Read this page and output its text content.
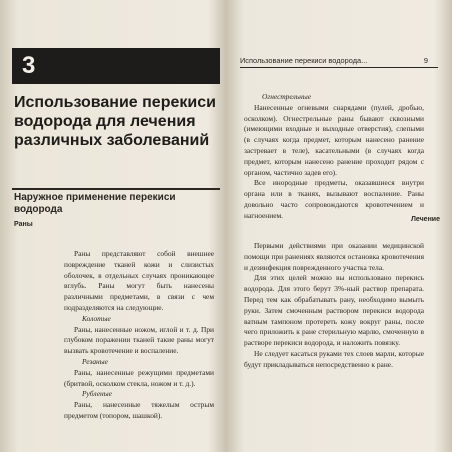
3
Использование перекиси водорода для лечения различных заболеваний
Наружное применение перекиси водорода
Раны

Раны представляют собой внешнее повреждение тканей кожи и слизистых оболочек, в отдельных случаях проникающее вглубь. Раны могут быть нанесены различными предметами, в связи с чем подразделяются на следующие.

Колотые

Раны, нанесенные ножом, иглой и т. д. При глубоком поражении тканей такие раны могут вызвать кровотечение и воспаление.

Резаные

Раны, нанесенные режущими предметами (бритвой, осколком стекла, ножом и т. д.).

Рубленые

Раны, нанесенные тяжелым острым предметом (топором, шашкой).

Использование перекиси водорода...	9

Огнестрельные

Нанесенные огневыми снарядами (пулей, дробью, осколком). Огнестрельные раны бывают сквозными (имеющими входные и выходные отверстия), слепыми (в случаях когда предмет, которым нанесено ранение застревает в теле), касательными (в случаях когда предмет, которым нанесено ранение проходит рядом с органом, частично задев его).

Все инородные предметы, оказавшиеся внутри органа или в тканях, вызывают воспаление. Раны довольно часто сопровождаются кровотечением и нагноением.	Лечение

Первыми действиями при оказании медицинской помощи при ранениях являются остановка кровотечения и дезинфекция поврежденного участка тела.

Для этих целей можно вы использовано перекись водорода. Для этого берут 3%-ный раствор препарата. Перед тем как обрабатывать рану, необходимо вымыть руки. Затем смоченным раствором перекиси водорода ватным тампоном протереть кожу вокруг раны, после чего приложить к ране стерильную марлю, смоченную в растворе перекиси водорода, и наложить повязку.

Не следует касаться руками тех слоев марли, которые будут прикладываться непосредственно к ране.
